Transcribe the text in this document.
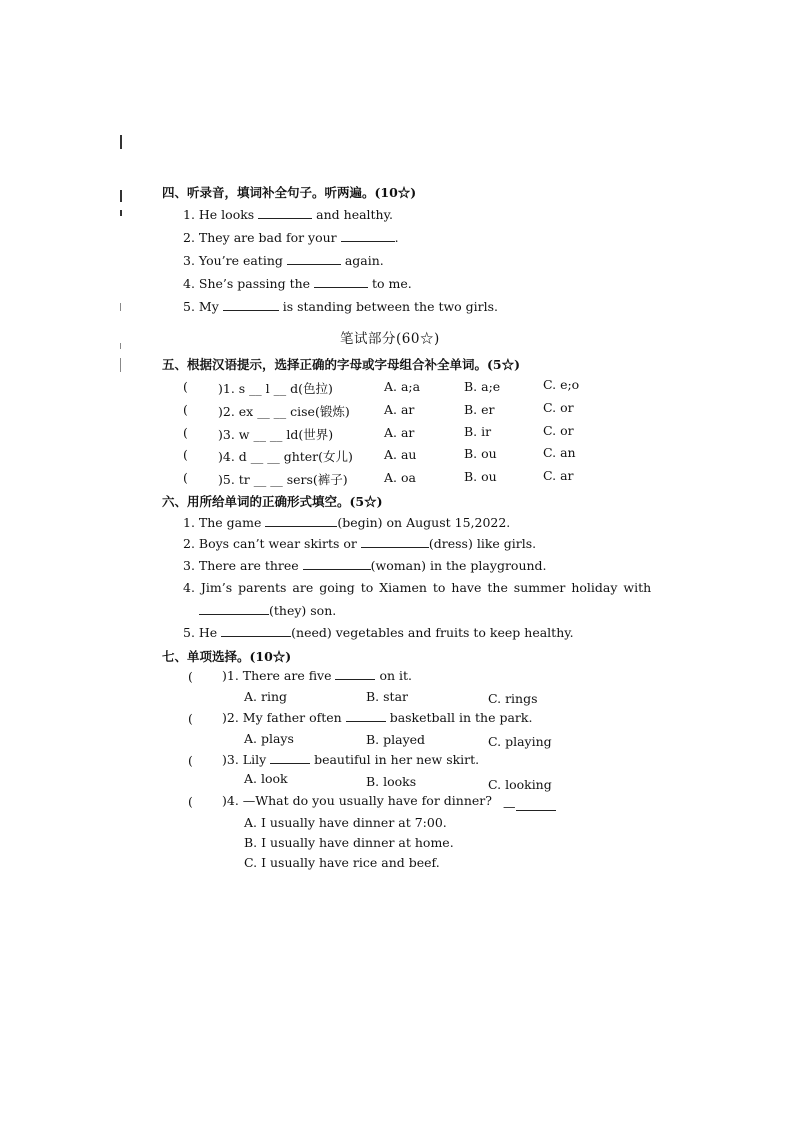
四、听录音，填词补全句子。听两遍。(10☆)
1. He looks	and healthy.
2. They are bad for your	.
3. You’re eating	again.
4. She’s passing the	to me.
5. My	is standing between the two girls.
笔试部分(60☆)
五、根据汉语提示，选择正确的字母或字母组合补全单词。(5☆)
( )1. s __ l __ d(色拉)	A. a;a	B. a;e	C. e;o
( )2. ex __ __ cise(锻炼)	A. ar	B. er	C. or
( )3. w __ __ ld(世界)	A. ar	B. ir	C. or
( )4. d __ __ ghter(女儿) A. au	B. ou	C. an
( )5. tr __ __ sers(裤子)	A. oa	B. ou	C. ar
六、用所给单词的正确形式填空。(5☆)
1. The game	(begin) on August 15,2022.
2. Boys can’t wear skirts or	(dress) like girls.
3. There are three	(woman) in the playground.
4. Jim’s parents are going to Xiamen to have the summer holiday with
(they) son.
5. He	(need) vegetables and fruits to keep healthy.
七、单项选择。(10☆)
( )1. There are five	on it.
A. ring	B. star	C. rings
( )2. My father often	basketball in the park.
A. plays	B. played	C. playing
( )3. Lily	beautiful in her new skirt.
A. look	B. looks	C. looking
( )4. —What do you usually have for dinner? —
A. I usually have dinner at 7:00.
B. I usually have dinner at home.
C. I usually have rice and beef.
